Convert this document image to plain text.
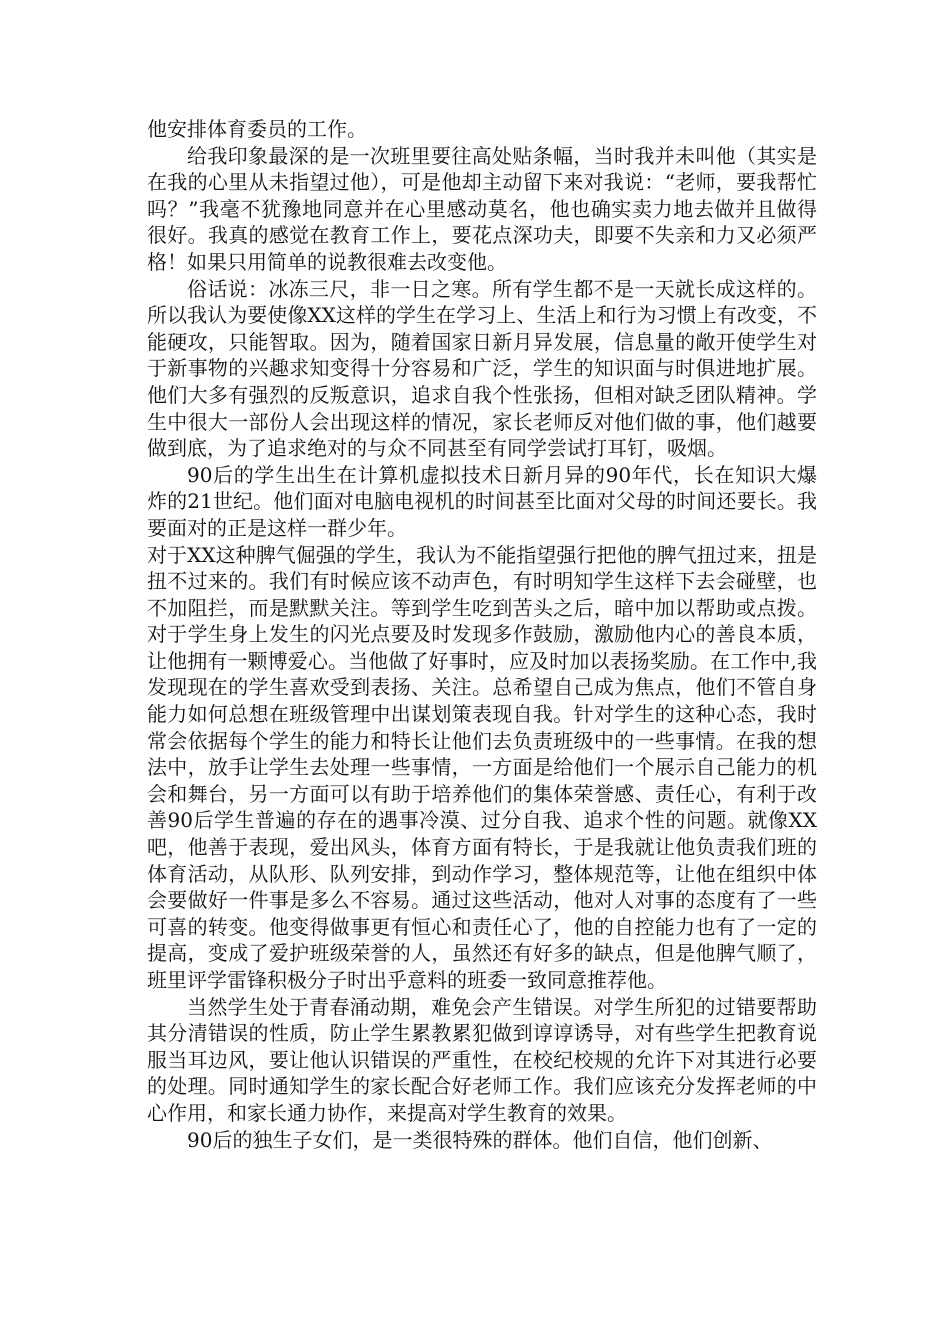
他安排体育委员的工作。

给我印象最深的是一次班里要往高处贴条幅，当时我并未叫他（其实是在我的心里从未指望过他），可是他却主动留下来对我说：“老师，要我帮忙吗？”我毫不犹豫地同意并在心里感动莫名，他也确实卖力地去做并且做得很好。我真的感觉在教育工作上，要花点深功夫，即要不失亲和力又必须严格！如果只用简单的说教很难去改变他。

俗话说：冰冻三尺，非一日之寒。所有学生都不是一天就长成这样的。所以我认为要使像XX这样的学生在学习上、生活上和行为习惯上有改变，不能硬攻，只能智取。因为，随着国家日新月异发展，信息量的敞开使学生对于新事物的兴趣求知变得十分容易和广泛，学生的知识面与时俱进地扩展。他们大多有强烈的反叛意识，追求自我个性张扬，但相对缺乏团队精神。学生中很大一部份人会出现这样的情况，家长老师反对他们做的事，他们越要做到底，为了追求绝对的与众不同甚至有同学尝试打耳钉，吸烟。

90后的学生出生在计算机虚拟技术日新月异的90年代，长在知识大爆炸的21世纪。他们面对电脑电视机的时间甚至比面对父母的时间还要长。我要面对的正是这样一群少年。

对于XX这种脾气倔强的学生，我认为不能指望强行把他的脾气扭过来，扭是扭不过来的。我们有时候应该不动声色，有时明知学生这样下去会碰壁，也不加阻拦，而是默默关注。等到学生吃到苦头之后，暗中加以帮助或点拨。对于学生身上发生的闪光点要及时发现多作鼓励，激励他内心的善良本质，让他拥有一颗博爱心。当他做了好事时，应及时加以表扬奖励。在工作中,我发现现在的学生喜欢受到表扬、关注。总希望自己成为焦点，他们不管自身能力如何总想在班级管理中出谋划策表现自我。针对学生的这种心态，我时常会依据每个学生的能力和特长让他们去负责班级中的一些事情。在我的想法中，放手让学生去处理一些事情，一方面是给他们一个展示自己能力的机会和舞台，另一方面可以有助于培养他们的集体荣誉感、责任心，有利于改善90后学生普遍的存在的遇事冷漠、过分自我、追求个性的问题。就像XX吧，他善于表现，爱出风头，体育方面有特长，于是我就让他负责我们班的体育活动，从队形、队列安排，到动作学习，整体规范等，让他在组织中体会要做好一件事是多么不容易。通过这些活动，他对人对事的态度有了一些可喜的转变。他变得做事更有恒心和责任心了，他的自控能力也有了一定的提高，变成了爱护班级荣誉的人，虽然还有好多的缺点，但是他脾气顺了，班里评学雷锋积极分子时出乎意料的班委一致同意推荐他。

当然学生处于青春涌动期，难免会产生错误。对学生所犯的过错要帮助其分清错误的性质，防止学生累教累犯做到谆谆诱导，对有些学生把教育说服当耳边风，要让他认识错误的严重性，在校纪校规的允许下对其进行必要的处理。同时通知学生的家长配合好老师工作。我们应该充分发挥老师的中心作用，和家长通力协作，来提高对学生教育的效果。

90后的独生子女们，是一类很特殊的群体。他们自信，他们创新、
